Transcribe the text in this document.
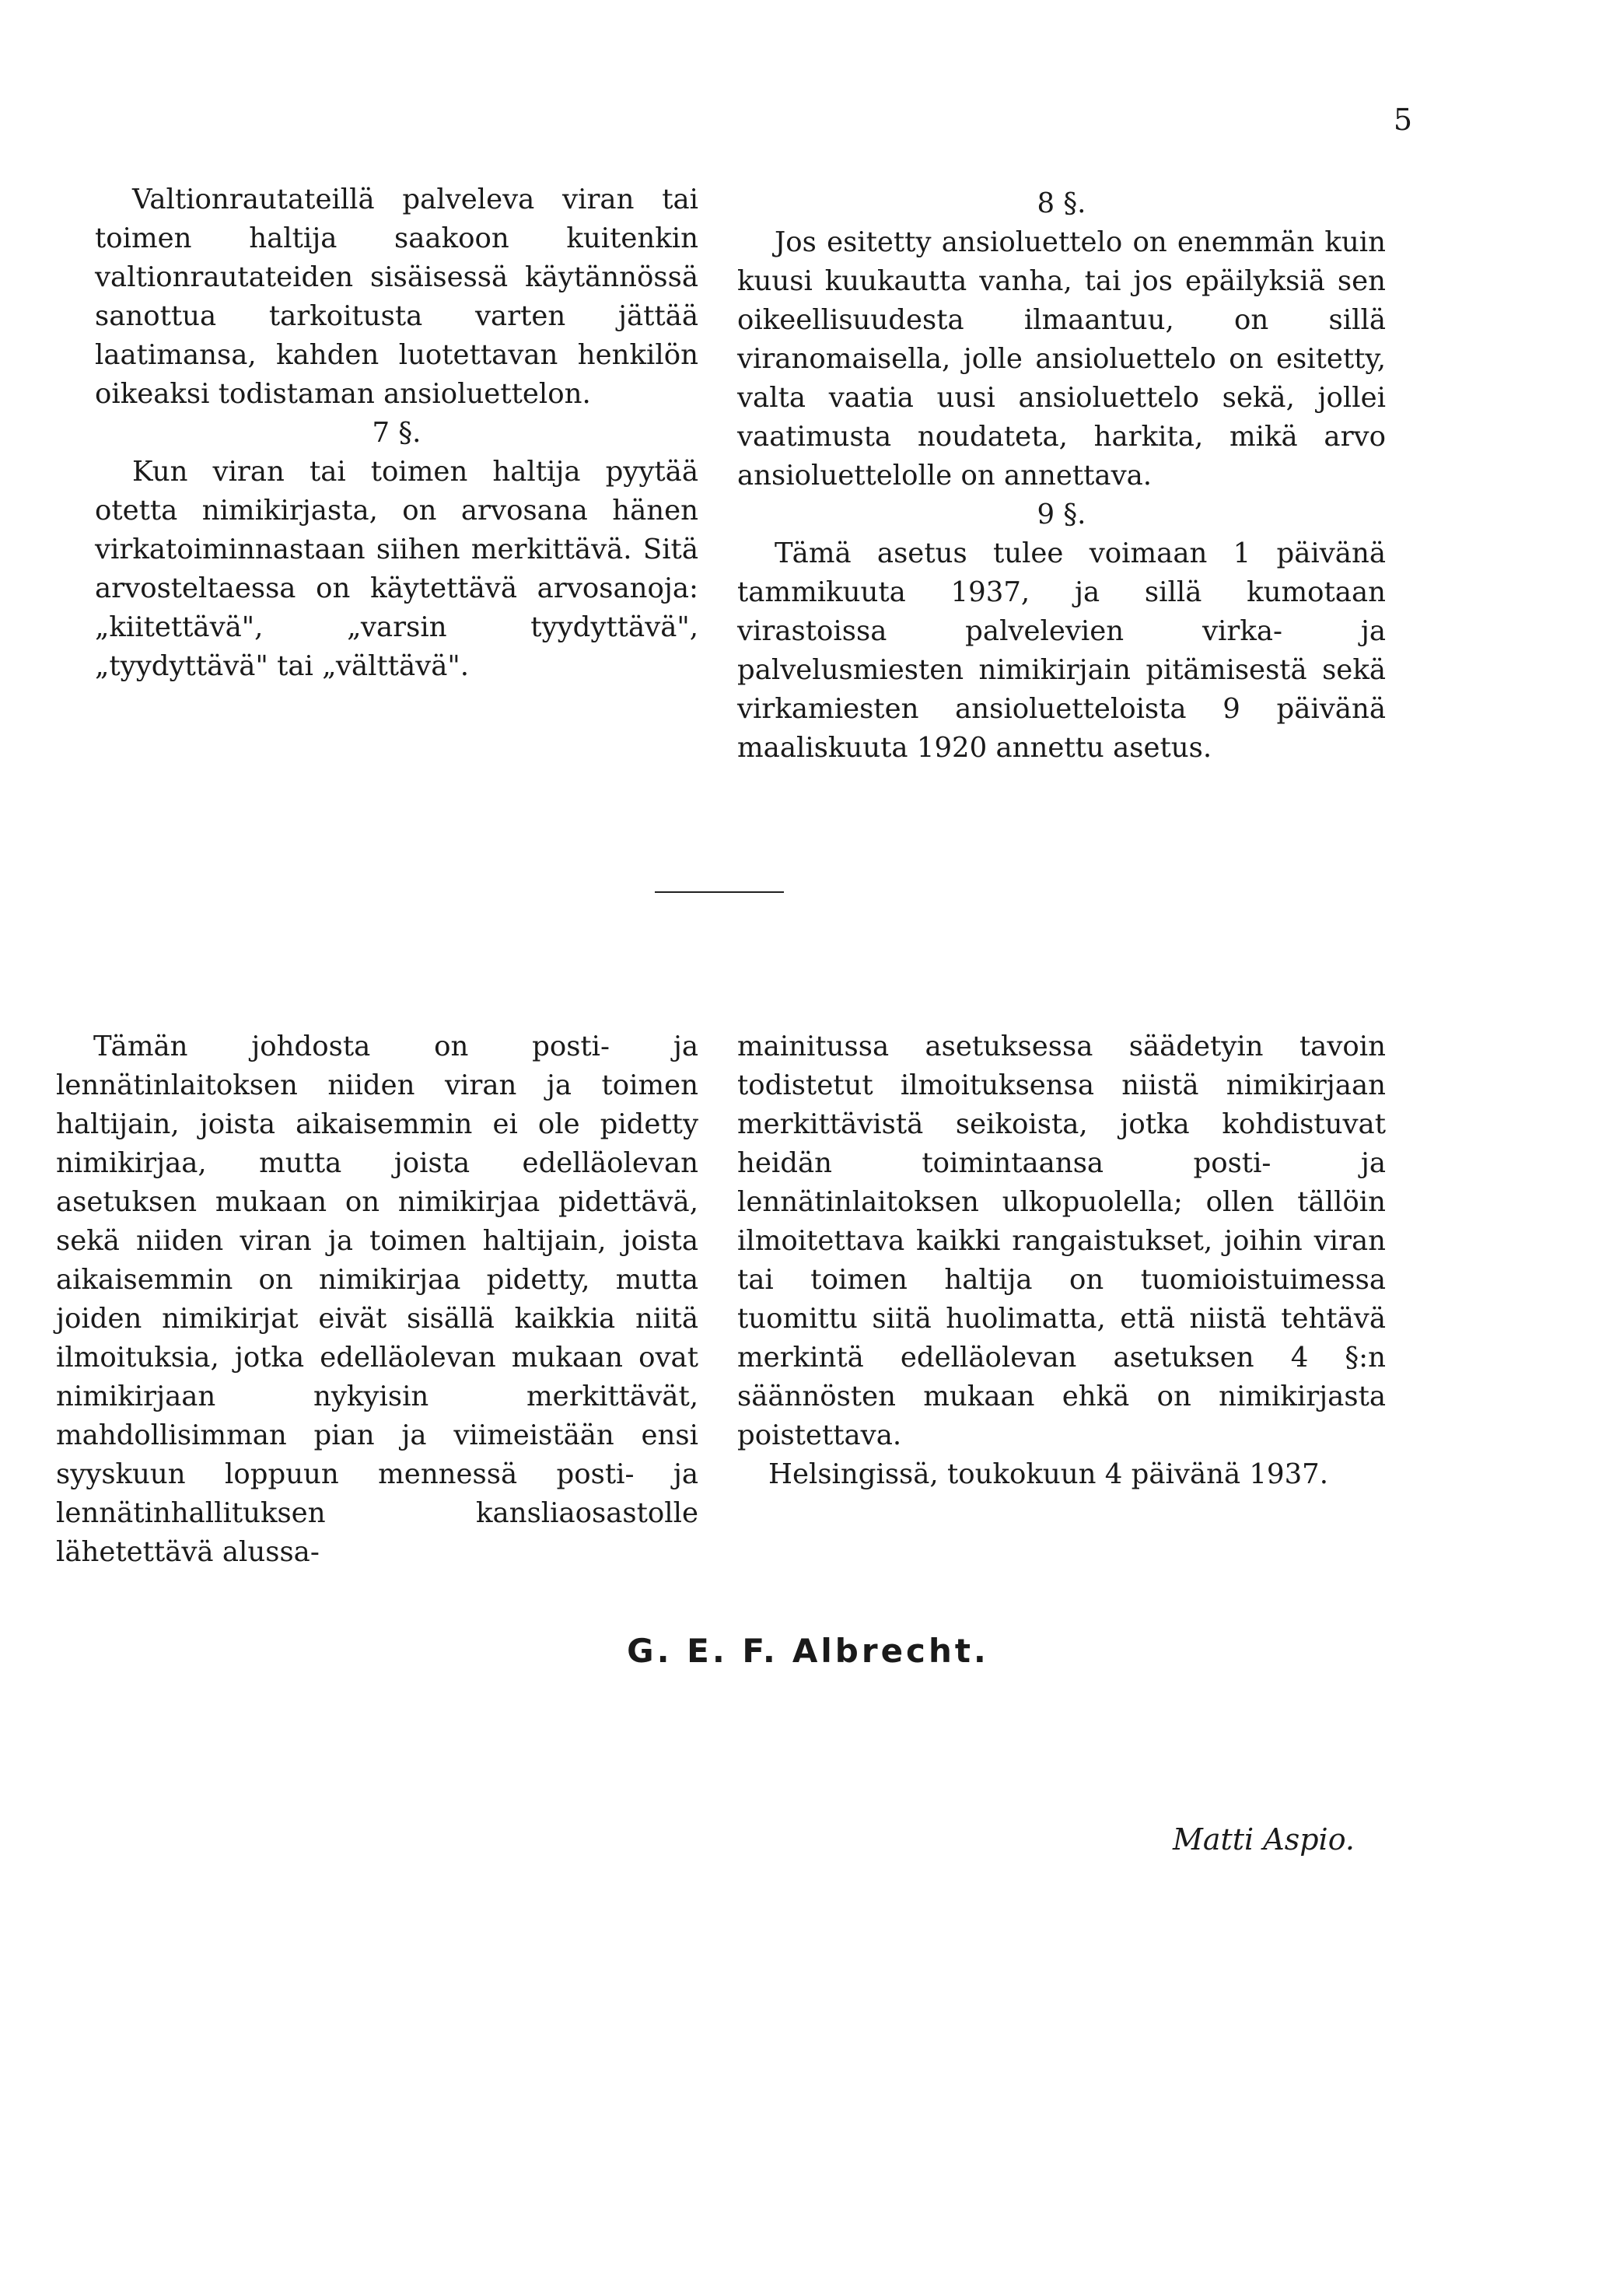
5

Valtionrautateillä palveleva viran tai toimen haltija saakoon kuitenkin valtionrautateiden sisäisessä käytännössä sanottua tarkoitusta varten jättää laatimansa, kahden luotettavan henkilön oikeaksi todistaman ansioluettelon.

7 §.

Kun viran tai toimen haltija pyytää otetta nimikirjasta, on arvosana hänen virkatoiminnastaan siihen merkittävä. Sitä arvosteltaessa on käytettävä arvosanoja: „kiitettävä", „varsin tyydyttävä", „tyydyttävä" tai „välttävä".

8 §.

Jos esitetty ansioluettelo on enemmän kuin kuusi kuukautta vanha, tai jos epäilyksiä sen oikeellisuudesta ilmaantuu, on sillä viranomaisella, jolle ansioluettelo on esitetty, valta vaatia uusi ansioluettelo sekä, jollei vaatimusta noudateta, harkita, mikä arvo ansioluettelolle on annettava.

9 §.

Tämä asetus tulee voimaan 1 päivänä tammikuuta 1937, ja sillä kumotaan virastoissa palvelevien virka- ja palvelusmiesten nimikirjain pitämisestä sekä virkamiesten ansioluetteloista 9 päivänä maaliskuuta 1920 annettu asetus.

Tämän johdosta on posti- ja lennätinlaitoksen niiden viran ja toimen haltijain, joista aikaisemmin ei ole pidetty nimikirjaa, mutta joista edelläolevan asetuksen mukaan on nimikirjaa pidettävä, sekä niiden viran ja toimen haltijain, joista aikaisemmin on nimikirjaa pidetty, mutta joiden nimikirjat eivät sisällä kaikkia niitä ilmoituksia, jotka edelläolevan mukaan ovat nimikirjaan nykyisin merkittävät, mahdollisimman pian ja viimeistään ensi syyskuun loppuun mennessä posti- ja lennätinhallituksen kansliaosastolle lähetettävä alussa-

mainitussa asetuksessa säädetyin tavoin todistetut ilmoituksensa niistä nimikirjaan merkittävistä seikoista, jotka kohdistuvat heidän toimintaansa posti- ja lennätinlaitoksen ulkopuolella; ollen tällöin ilmoitettava kaikki rangaistukset, joihin viran tai toimen haltija on tuomioistuimessa tuomittu siitä huolimatta, että niistä tehtävä merkintä edelläolevan asetuksen 4 §:n säännösten mukaan ehkä on nimikirjasta poistettava.

Helsingissä, toukokuun 4 päivänä 1937.

G. E. F. Albrecht.
Matti Aspio.
